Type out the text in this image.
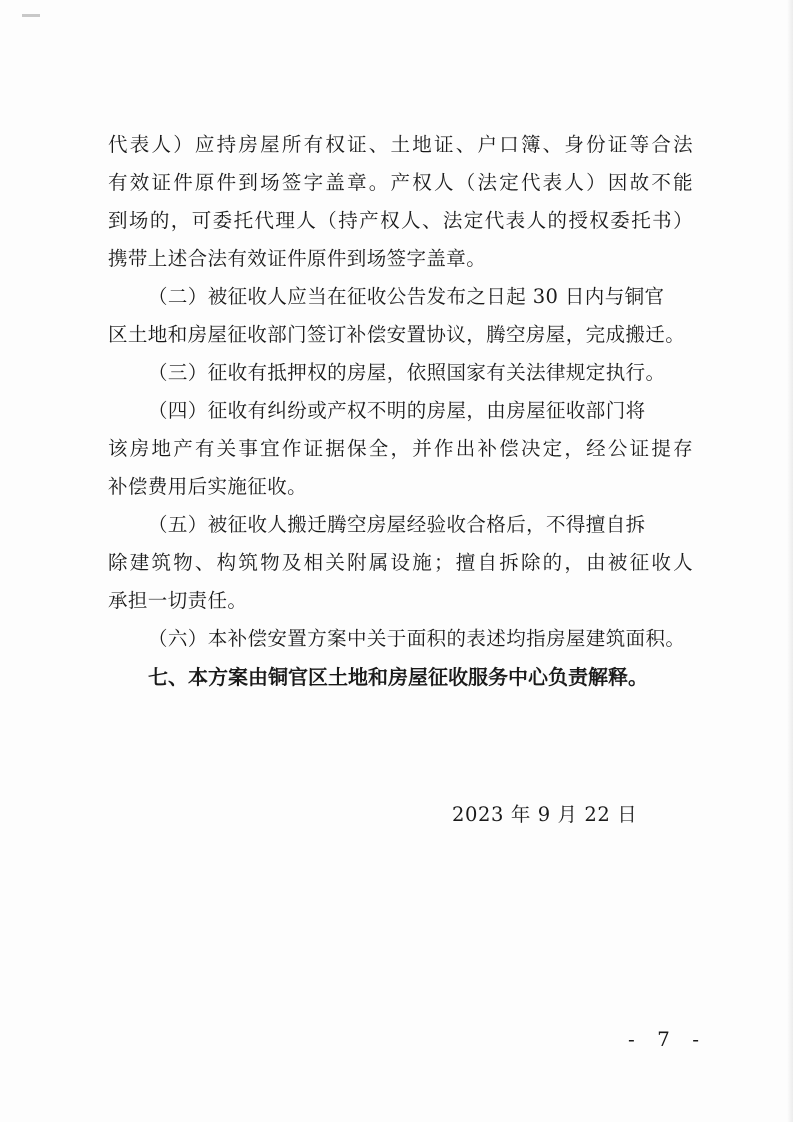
代表人）应持房屋所有权证、土地证、户口簿、身份证等合法
有效证件原件到场签字盖章。产权人（法定代表人）因故不能
到场的，可委托代理人（持产权人、法定代表人的授权委托书）
携带上述合法有效证件原件到场签字盖章。
（二）被征收人应当在征收公告发布之日起 30 日内与铜官
区土地和房屋征收部门签订补偿安置协议，腾空房屋，完成搬迁。
（三）征收有抵押权的房屋，依照国家有关法律规定执行。
（四）征收有纠纷或产权不明的房屋，由房屋征收部门将
该房地产有关事宜作证据保全，并作出补偿决定，经公证提存
补偿费用后实施征收。
（五）被征收人搬迁腾空房屋经验收合格后，不得擅自拆
除建筑物、构筑物及相关附属设施；擅自拆除的，由被征收人
承担一切责任。
（六）本补偿安置方案中关于面积的表述均指房屋建筑面积。
七、本方案由铜官区土地和房屋征收服务中心负责解释。
2023 年 9 月 22 日
- 7 -
